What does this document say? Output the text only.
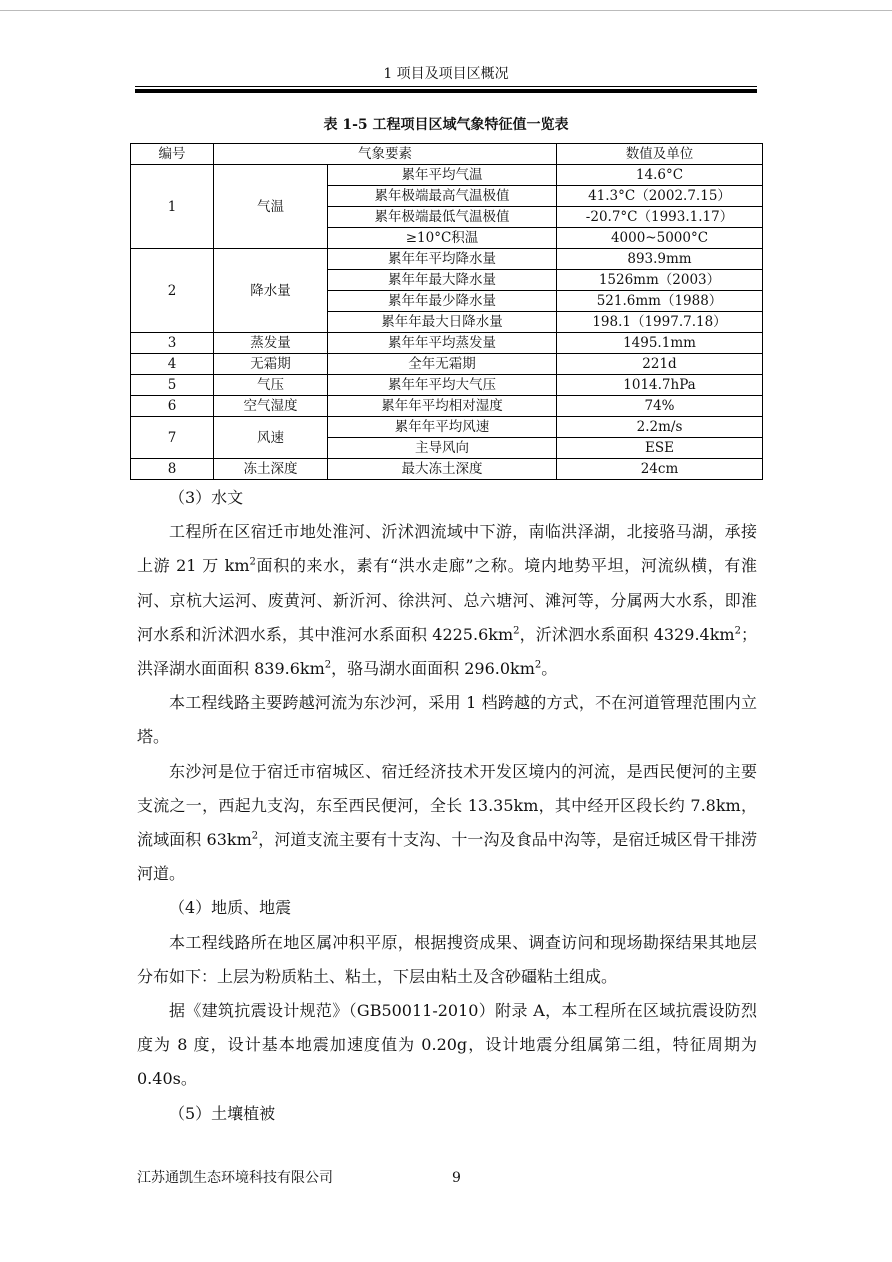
1 项目及项目区概况
表 1-5 工程项目区域气象特征值一览表
编号	气象要素		数值及单位
1	气温	累年平均气温	14.6°C
		累年极端最高气温极值	41.3°C（2002.7.15）
		累年极端最低气温极值	-20.7°C（1993.1.17）
		≥10°C积温	4000~5000°C
2	降水量	累年年平均降水量	893.9mm
		累年年最大降水量	1526mm（2003）
		累年年最少降水量	521.6mm（1988）
		累年年最大日降水量	198.1（1997.7.18）
3	蒸发量	累年年平均蒸发量	1495.1mm
4	无霜期	全年无霜期	221d
5	气压	累年年平均大气压	1014.7hPa
6	空气湿度	累年年平均相对湿度	74%
7	风速	累年年平均风速	2.2m/s
		主导风向	ESE
8	冻土深度	最大冻土深度	24cm

（3）水文

工程所在区宿迁市地处淮河、沂沭泗流域中下游，南临洪泽湖，北接骆马湖，承接上游 21 万 $km^2$面积的来水，素有“洪水走廊”之称。境内地势平坦，河流纵横，有淮河、京杭大运河、废黄河、新沂河、徐洪河、总六塘河、滩河等，分属两大水系，即淮河水系和沂沭泗水系，其中淮河水系面积 $4225.6km^2$，沂沭泗水系面积 $4329.4km^2$；洪泽湖水面面积 $839.6km^2$，骆马湖水面面积 $296.0km^2$。

本工程线路主要跨越河流为东沙河，采用 1 档跨越的方式，不在河道管理范围内立塔。

东沙河是位于宿迁市宿城区、宿迁经济技术开发区境内的河流，是西民便河的主要支流之一，西起九支沟，东至西民便河，全长 13.35km，其中经开区段长约 7.8km，流域面积 $63km^2$，河道支流主要有十支沟、十一沟及食品中沟等，是宿迁城区骨干排涝河道。

（4）地质、地震

本工程线路所在地区属冲积平原，根据搜资成果、调查访问和现场勘探结果其地层分布如下：上层为粉质粘土、粘土，下层由粘土及含砂礓粘土组成。

据《建筑抗震设计规范》（GB50011-2010）附录 A，本工程所在区域抗震设防烈度为 8 度，设计基本地震加速度值为 0.20g，设计地震分组属第二组，特征周期为 0.40s。

（5）土壤植被

江苏通凯生态环境科技有限公司	9
